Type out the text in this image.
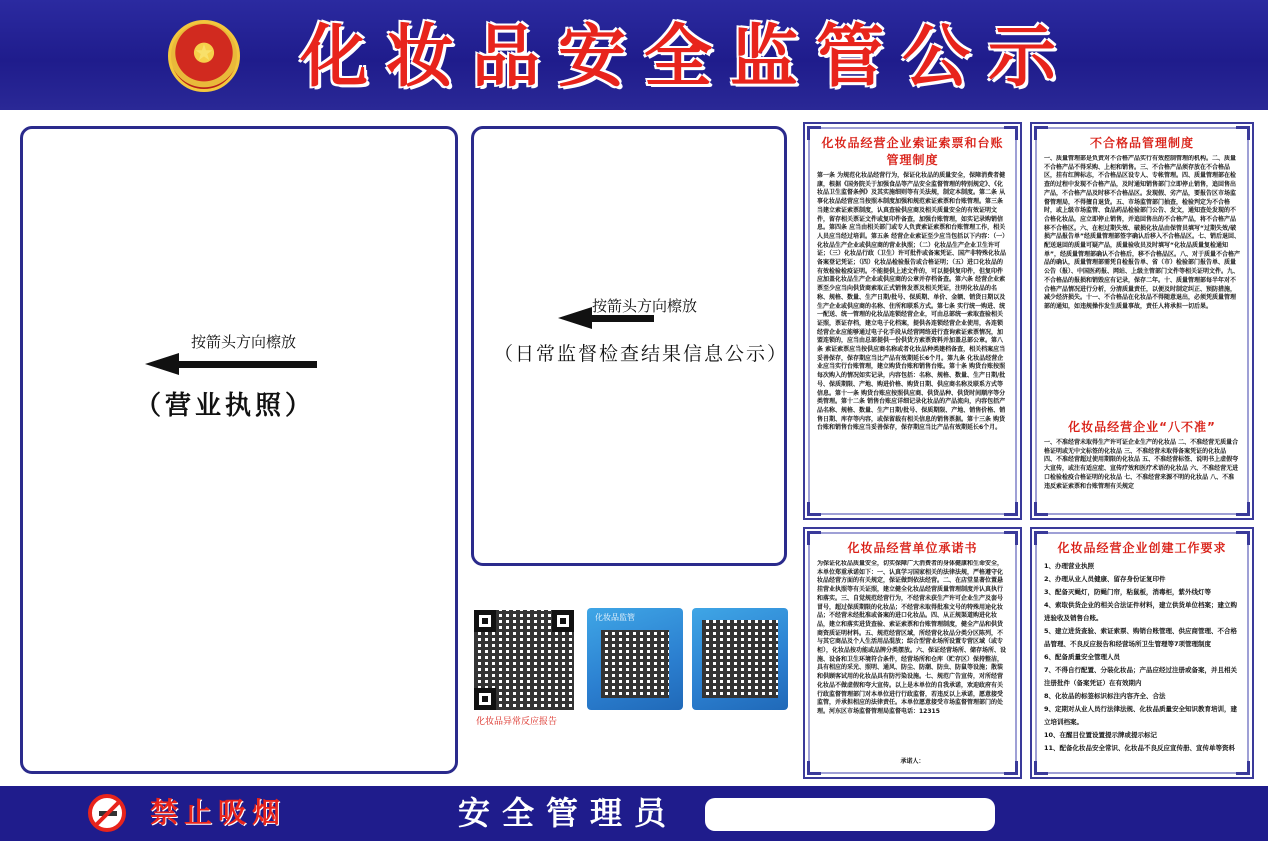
★	化妆品安全监管公示
按箭头方向檫放
（营业执照）
按箭头方向檫放
（日常监督检查结果信息公示）
化妆品异常反应报告
化妆品监管
化妆品经营企业索证索票和台账管理制度
第一条 为规范化妆品经营行为，保证化妆品的质量安全，保障消费者健康，根据《国务院关于加强食品等产品安全监督管理的特别规定》、《化妆品卫生监督条例》及其实施细则等有关法规，制定本制度。第二条 从事化妆品经营应当按照本制度加强和规范索证索票和台账管理。第三条 当建立索证索票制度，认真查验供应商及相关质量安全的有效证明文件，留存相关票证文件或复印件备查，加强台账管理，如实记录购销信息。第四条 应当由相关部门或专人负责索证索票和台账管理工作，相关人员应当经过培训。第五条 经营企业索证至少应当包括以下内容：（一）化妆品生产企业或供应商的营业执照；（二）化妆品生产企业卫生许可证；（三）化妆品行政（卫生）许可批件或备案凭证、国产非特殊化妆品备案登记凭证；（四）化妆品检验报告或合格证明；（五）进口化妆品的有效检验检疫证明。不能提供上述文件的，可以提供复印件，但复印件应加盖化妆品生产企业或供应商的公章并存档备查。第六条 经营企业索票至少应当向供货商索取正式销售发票及相关凭证，注明化妆品的名称、规格、数量、生产日期/批号、保质期、单价、金额、销货日期以及生产企业或供应商的名称、住所和联系方式。第七条 实行统一购进、统一配送、统一管理的化妆品连锁经营企业，可由总部统一索取查验相关证照，票证存档，建立电子化档案，提供各连锁经营企业使用，各连锁经营企业应能够通过电子化手段从经营网络进行查询索证索票情况，加盟连锁的，应当由总部提供一份供货方索票资料并加盖总部公章。第八条 索证索票应当按供应商名称或者化妆品种类建档备查，相关档案应当妥善保存，保存期应当比产品有效期延长6个月。第九条 化妆品经营企业应当实行台账管理，建立购货台账和销售台账。第十条 购货台账按照每次购入的情况如实记录，内容包括：名称、规格、数量、生产日期/批号、保质期限、产地、购进价格、购货日期、供应商名称及联系方式等信息。第十一条 购货台账应按照供应商、供货品种、供货时间顺序等分类管理。第十二条 销售台账应详细记录化妆品的产品流向，内容包括产品名称、规格、数量、生产日期/批号、保质期限、产地、销售价格、销售日期、库存等内容，或保留载有相关信息的销售票据。第十三条 购货台账和销售台账应当妥善保存，保存期应当比产品有效期延长6个月。
不合格品管理制度
一、质量管理部是负责对不合格产品实行有效控制管理的机构。二、质量不合格产品不得采购、上柜和销售。三、不合格产品须存放在不合格品区，挂有红牌标志，不合格品区设专人、专帐管理。四、质量管理部在检查的过程中发现不合格产品，及时通知销售部门立即停止销售，追回售出产品，不合格产品及时移不合格品区。发现假、劣产品，要报告区市场监督管理局，不得擅自退货。五、市场监管部门抽查，检验判定为不合格时，或上级市场监管、食品药品检验部门公告、发文，通知查处发现的不合格化妆品，应立即停止销售，并追回售出的不合格产品，将不合格产品移不合格区。六、在柜过期失效、破损化妆品由保管员填写“过期失效/破损产品报告单”经质量管理部签字确认后移入不合格品区。七、销后退回、配送退回的质量可疑产品，质量验收员及时填写“化妆品质量复检通知单”，经质量管理部确认不合格后，移不合格品区。八、对于质量不合格产品的确认，质量管理部需凭自检报告单、省（市）检验部门报告单、质量公告（报）、中国医药报、网站、上级主管部门文件等相关证明文件。九、不合格品的报损和销毁应有记录，保存二年。十、质量管理部每半年对不合格产品情况进行分析，分清质量责任，以便及时制定纠正、预防措施，减少经济损失。十一、不合格品在化妆品不得随意退出，必须凭质量管理部的通知，如违规操作发生质量事故，责任人将承担一切后果。
化妆品经营企业“八不准”
一、不准经营未取得生产许可证企业生产的化妆品 二、不准经营无质量合格证明或无中文标签的化妆品 三、不准经营未取得备案凭证的化妆品 四、不准经营超过使用期限的化妆品 五、不准经营标签、说明书上虚假夸大宣传，或注有适应症、宣传疗效和医疗术语的化妆品 六、不准经营无进口检验检疫合格证明的化妆品 七、不准经营来源不明的化妆品 八、不准违反索证索票和台账管理有关规定
化妆品经营单位承诺书
为保证化妆品质量安全，切实保障广大消费者的身体健康和生命安全，本单位郑重承诺如下：一、认真学习国家相关的法律法规，严格遵守化妆品经营方面的有关规定，保证做到依法经营。二、在店堂显著位置悬挂营业执照等有关证照，建立健全化妆品经营质量管理制度并认真执行和落实。三、自觉规范经营行为，不经营未获生产许可企业生产及套号冒号，超过保质期限的化妆品；不经营未取得批准文号的特殊用途化妆品；不经营未经批准或备案的进口化妆品。四、从正规渠道购进化妆品，建立和落实进货查验、索证索票和台账管理制度，健全产品和供货商资质证明材料。五、规范经营区域，所经营化妆品分类分区陈列，不与其它商品及个人生活用品混放；综合型营业场所设置专营区域（或专柜），化妆品按功能或品牌分类摆放。六、保证经营场所、储存场所、设施、设备和卫生环境符合条件，经营场所和仓库（贮存区）保持整洁，具有相应的采光、照明、通风、防尘、防潮、防虫、防鼠等设施；散装和供顾客试用的化妆品具有防污染设施。七、规范广告宣传，对所经营化妆品不做虚假和夸大宣传。以上是本单位的自我承诺，欢迎政府有关行政监督管理部门对本单位进行行政监督，若违反以上承诺，愿意接受监管，并承担相应的法律责任。本单位愿意接受市场监督管理部门的处理。河东区市场监督管理局监督电话：12315
承诺人：
化妆品经营企业创建工作要求
1、办理营业执照
2、办理从业人员健康、留存身份证复印件
3、配备灭蝇灯，防蝇门帘，粘鼠板，消毒柜，紫外线灯等
4、索取供货企业的相关合法证件材料，建立供货单位档案；建立购进验收及销售台账。
5、建立进货查验、索证索票、购销台账管理、供应商管理、不合格品管理、不良反应报告和经营场所卫生管理等7项管理制度
6、配备质量安全管理人员
7、不得自行配置、分装化妆品；产品应经过注册或备案，并且相关注册批件（备案凭证）在有效期内
8、化妆品的标签标识标注内容齐全、合法
9、定期对从业人员行法律法规、化妆品质量安全知识教育培训，建立培训档案。
10、在醒目位置设置提示牌或提示标记
11、配备化妆品安全常识、化妆品不良反应宣传册、宣传单等资料
禁止吸烟	安全管理员
